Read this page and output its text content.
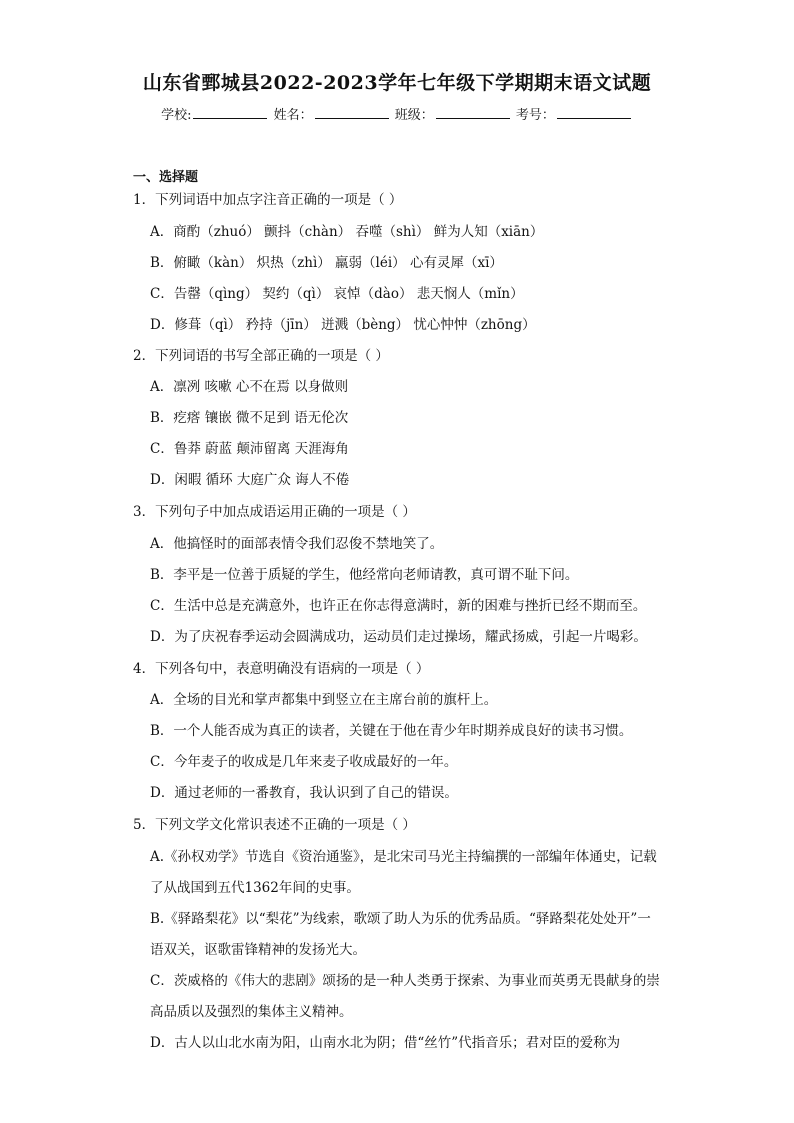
山东省鄄城县2022-2023学年七年级下学期期末语文试题
学校:	姓名：	班级：	考号：
一、选择题
1．下列词语中加点字注音正确的一项是（ ）
A．商酌（zhuó） 颤抖（chàn） 吞噬（shì） 鲜为人知（xiān）
B．俯瞰（kàn） 炽热（zhì） 羸弱（léi） 心有灵犀（xī）
C．告罄（qìng） 契约（qì） 哀悼（dào） 悲天悯人（mǐn）
D．修葺（qì） 矜持（jīn） 迸溅（bèng） 忧心忡忡（zhōng）
2．下列词语的书写全部正确的一项是（ ）
A．凛冽 咳嗽 心不在焉 以身做则
B．疙瘩 镶嵌 微不足到 语无伦次
C．鲁莽 蔚蓝 颠沛留离 天涯海角
D．闲暇 循环 大庭广众 诲人不倦
3．下列句子中加点成语运用正确的一项是（ ）
A．他搞怪时的面部表情令我们忍俊不禁地笑了。
B．李平是一位善于质疑的学生，他经常向老师请教，真可谓不耻下问。
C．生活中总是充满意外，也许正在你志得意满时，新的困难与挫折已经不期而至。
D．为了庆祝春季运动会圆满成功，运动员们走过操场，耀武扬威，引起一片喝彩。
4．下列各句中，表意明确没有语病的一项是（ ）
A．全场的目光和掌声都集中到竖立在主席台前的旗杆上。
B．一个人能否成为真正的读者，关键在于他在青少年时期养成良好的读书习惯。
C．今年麦子的收成是几年来麦子收成最好的一年。
D．通过老师的一番教育，我认识到了自己的错误。
5．下列文学文化常识表述不正确的一项是（ ）
A.《孙权劝学》节选自《资治通鉴》，是北宋司马光主持编撰的一部编年体通史，记载了从战国到五代1362年间的史事。
B.《驿路梨花》以“梨花”为线索，歌颂了助人为乐的优秀品质。“驿路梨花处处开”一语双关，讴歌雷锋精神的发扬光大。
C．茨威格的《伟大的悲剧》颂扬的是一种人类勇于探索、为事业而英勇无畏献身的崇高品质以及强烈的集体主义精神。
D．古人以山北水南为阳，山南水北为阴；借“丝竹”代指音乐；君对臣的爱称为
